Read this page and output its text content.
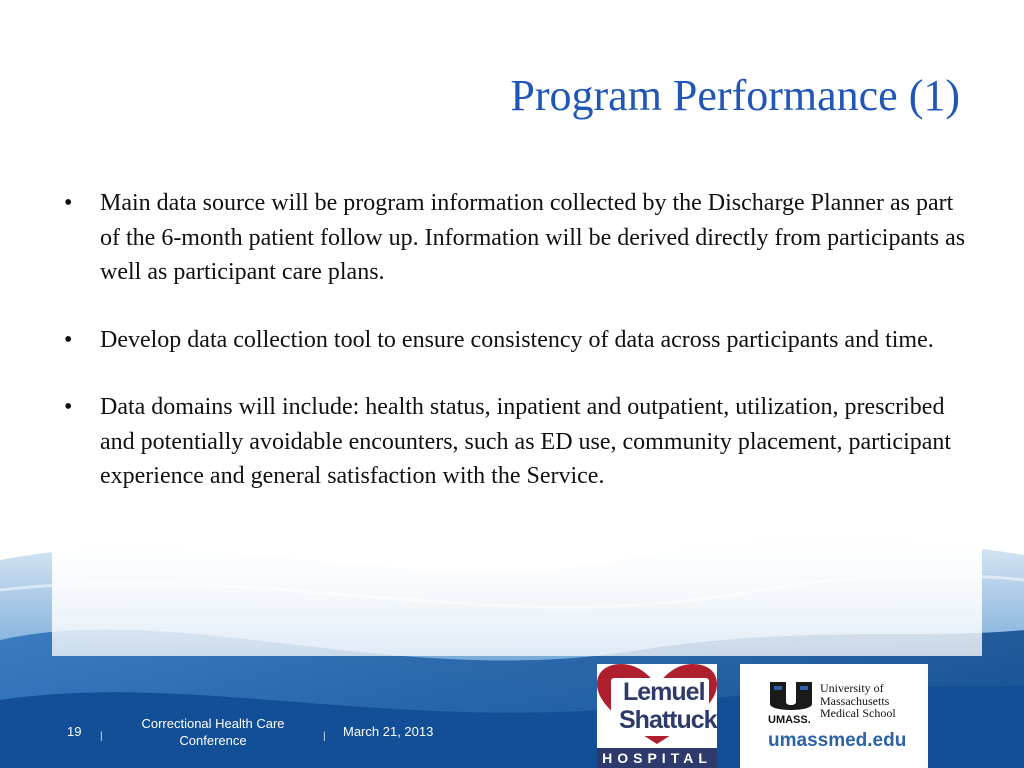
Program Performance (1)
• Main data source will be program information collected by the Discharge Planner as part of the 6-month patient follow up. Information will be derived directly from participants as well as participant care plans.
• Develop data collection tool to ensure consistency of data across participants and time.
• Data domains will include: health status, inpatient and outpatient, utilization, prescribed and potentially avoidable encounters, such as ED use, community placement, participant experience and general satisfaction with the Service.
19 |
Correctional Health Care
Conference	| March 21, 2013
Lemuel
Shattuck
HOSPITAL
UMASS.
University of
Massachusetts
Medical School
umassmed.edu
